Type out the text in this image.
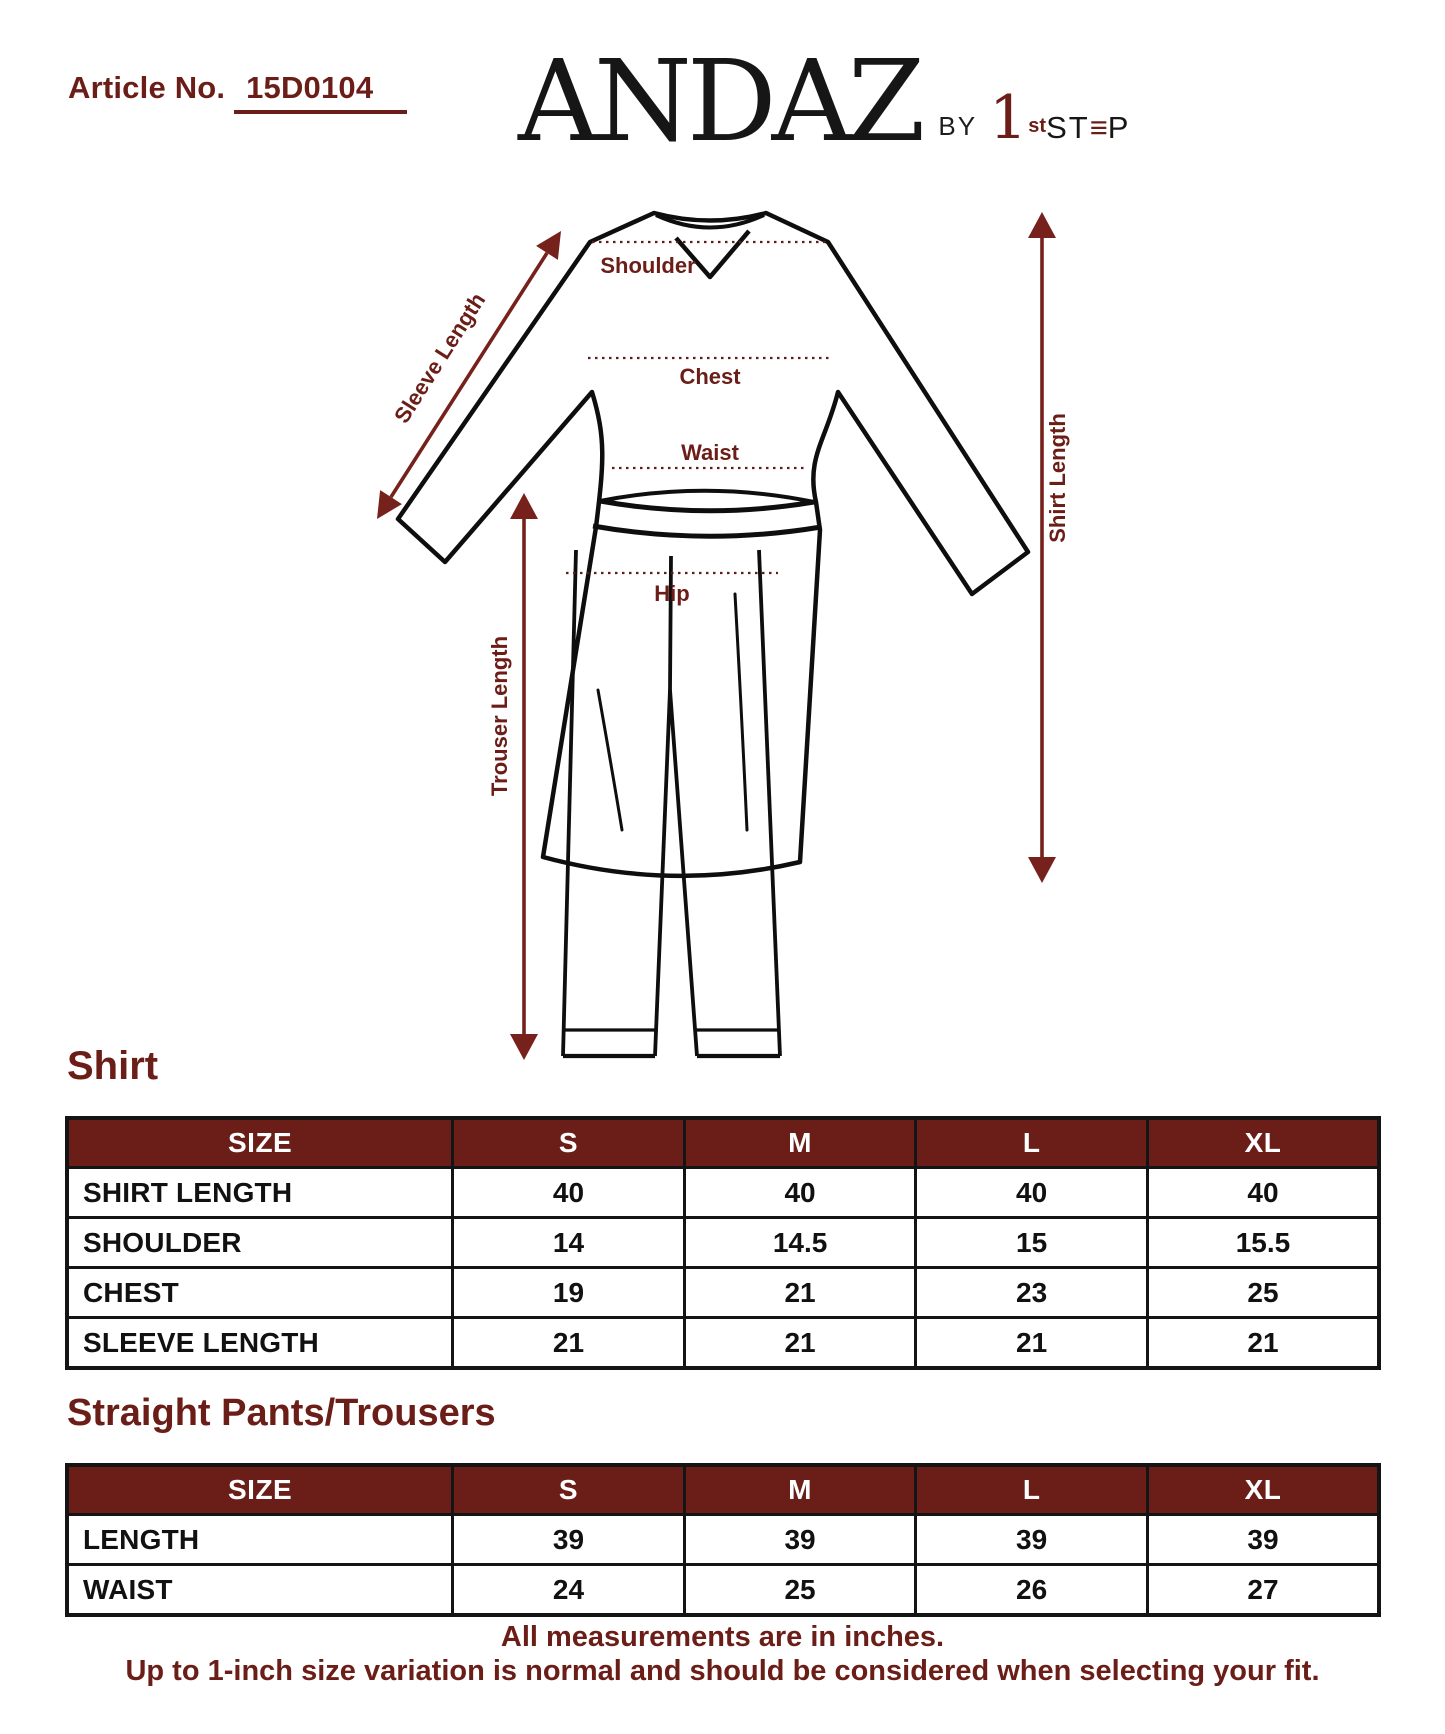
Article No. 15D0104	ANDAZ BY 1stST≡P
Shoulder
Chest
Waist
Hip
Sleeve Length
Shirt Length
Trouser Length
Shirt
SIZE	S	M	L	XL
SHIRT LENGTH	40	40	40	40
SHOULDER	14	14.5	15	15.5
CHEST	19	21	23	25
SLEEVE LENGTH	21	21	21	21
Straight Pants/Trousers
SIZE	S	M	L	XL
LENGTH	39	39	39	39
WAIST	24	25	26	27
All measurements are in inches.
Up to 1-inch size variation is normal and should be considered when selecting your fit.
